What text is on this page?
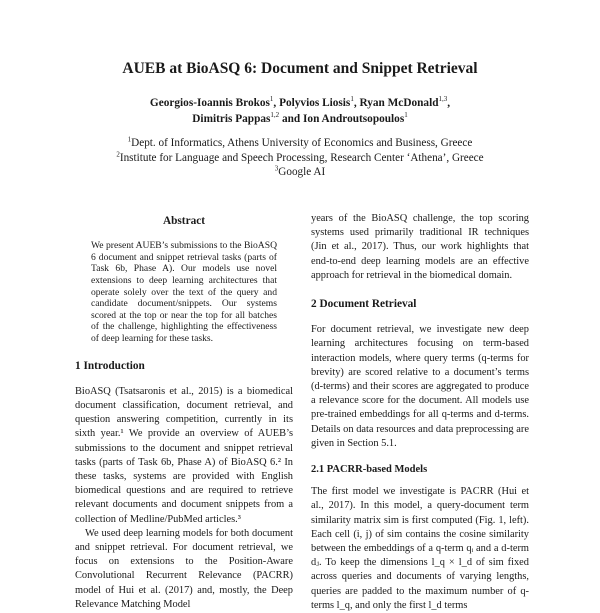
AUEB at BioASQ 6: Document and Snippet Retrieval
Georgios-Ioannis Brokos$^1$, Polyvios Liosis$^1$, Ryan McDonald$^{1,3}$,
Dimitris Pappas$^{1,2}$ and Ion Androutsopoulos$^1$
$^1$Dept. of Informatics, Athens University of Economics and Business, Greece
$^2$Institute for Language and Speech Processing, Research Center ‘Athena’, Greece
$^3$Google AI
Abstract

We present AUEB’s submissions to the BioASQ 6 document and snippet retrieval tasks (parts of Task 6b, Phase A). Our models use novel extensions to deep learning architectures that operate solely over the text of the query and candidate document/snippets. Our systems scored at the top or near the top for all batches of the challenge, highlighting the effectiveness of deep learning for these tasks.

1 Introduction

BioASQ (Tsatsaronis et al., 2015) is a biomedical document classification, document retrieval, and question answering competition, currently in its sixth year.¹ We provide an overview of AUEB’s submissions to the document and snippet retrieval tasks (parts of Task 6b, Phase A) of BioASQ 6.² In these tasks, systems are provided with English biomedical questions and are required to retrieve relevant documents and document snippets from a collection of Medline/PubMed articles.³

We used deep learning models for both document and snippet retrieval. For document retrieval, we focus on extensions to the Position-Aware Convolutional Recurrent Relevance (PACRR) model of Hui et al. (2017) and, mostly, the Deep Relevance Matching Model

years of the BioASQ challenge, the top scoring systems used primarily traditional IR techniques (Jin et al., 2017). Thus, our work highlights that end-to-end deep learning models are an effective approach for retrieval in the biomedical domain.

2 Document Retrieval

For document retrieval, we investigate new deep learning architectures focusing on term-based interaction models, where query terms (q-terms for brevity) are scored relative to a document’s terms (d-terms) and their scores are aggregated to produce a relevance score for the document. All models use pre-trained embeddings for all q-terms and d-terms. Details on data resources and data preprocessing are given in Section 5.1.

2.1 PACRR-based Models

The first model we investigate is PACRR (Hui et al., 2017). In this model, a query-document term similarity matrix sim is first computed (Fig. 1, left). Each cell (i, j) of sim contains the cosine similarity between the embeddings of a q-term qᵢ and a d-term dⱼ. To keep the dimensions l_q × l_d of sim fixed across queries and documents of varying lengths, queries are padded to the maximum number of q-terms l_q, and only the first l_d terms
